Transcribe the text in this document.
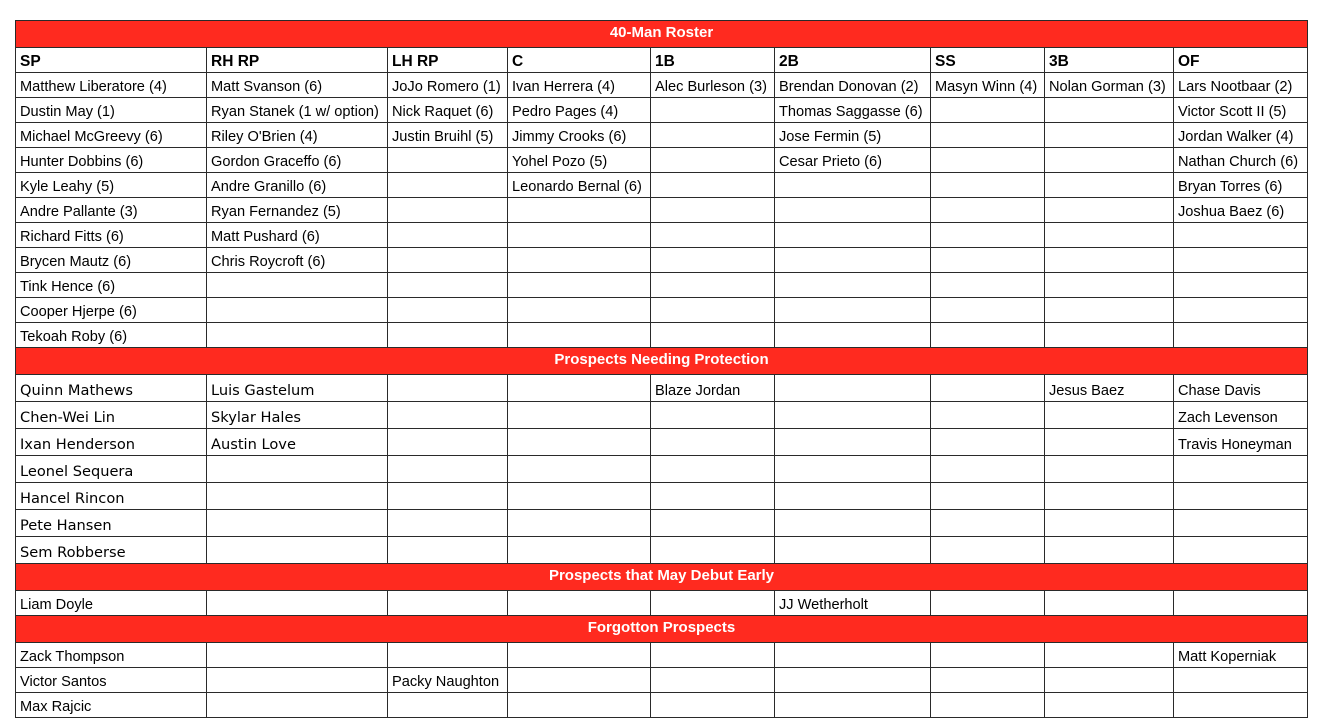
40-Man Roster								
SP	RH RP	LH RP	C	1B	2B	SS	3B	OF
Matthew Liberatore (4)	Matt Svanson (6)	JoJo Romero (1)	Ivan Herrera (4)	Alec Burleson (3)	Brendan Donovan (2)	Masyn Winn (4)	Nolan Gorman (3)	Lars Nootbaar (2)
Dustin May (1)	Ryan Stanek (1 w/ option)	Nick Raquet (6)	Pedro Pages (4)		Thomas Saggasse (6)			Victor Scott II (5)
Michael McGreevy (6)	Riley O'Brien (4)	Justin Bruihl (5)	Jimmy Crooks (6)		Jose Fermin (5)			Jordan Walker (4)
Hunter Dobbins (6)	Gordon Graceffo (6)		Yohel Pozo (5)		Cesar Prieto (6)			Nathan Church (6)
Kyle Leahy (5)	Andre Granillo (6)		Leonardo Bernal (6)					Bryan Torres (6)
Andre Pallante (3)	Ryan Fernandez (5)							Joshua Baez (6)
Richard Fitts (6)	Matt Pushard (6)							
Brycen Mautz (6)	Chris Roycroft (6)							
Tink Hence (6)								
Cooper Hjerpe (6)								
Tekoah Roby (6)								
Prospects Needing Protection								
Quinn Mathews	Luis Gastelum			Blaze Jordan			Jesus Baez	Chase Davis
Chen-Wei Lin	Skylar Hales							Zach Levenson
Ixan Henderson	Austin Love							Travis Honeyman
Leonel Sequera								
Hancel Rincon								
Pete Hansen								
Sem Robberse								
Prospects that May Debut Early								
Liam Doyle					JJ Wetherholt			
Forgotton Prospects								
Zack Thompson								Matt Koperniak
Victor Santos		Packy Naughton						
Max Rajcic								
